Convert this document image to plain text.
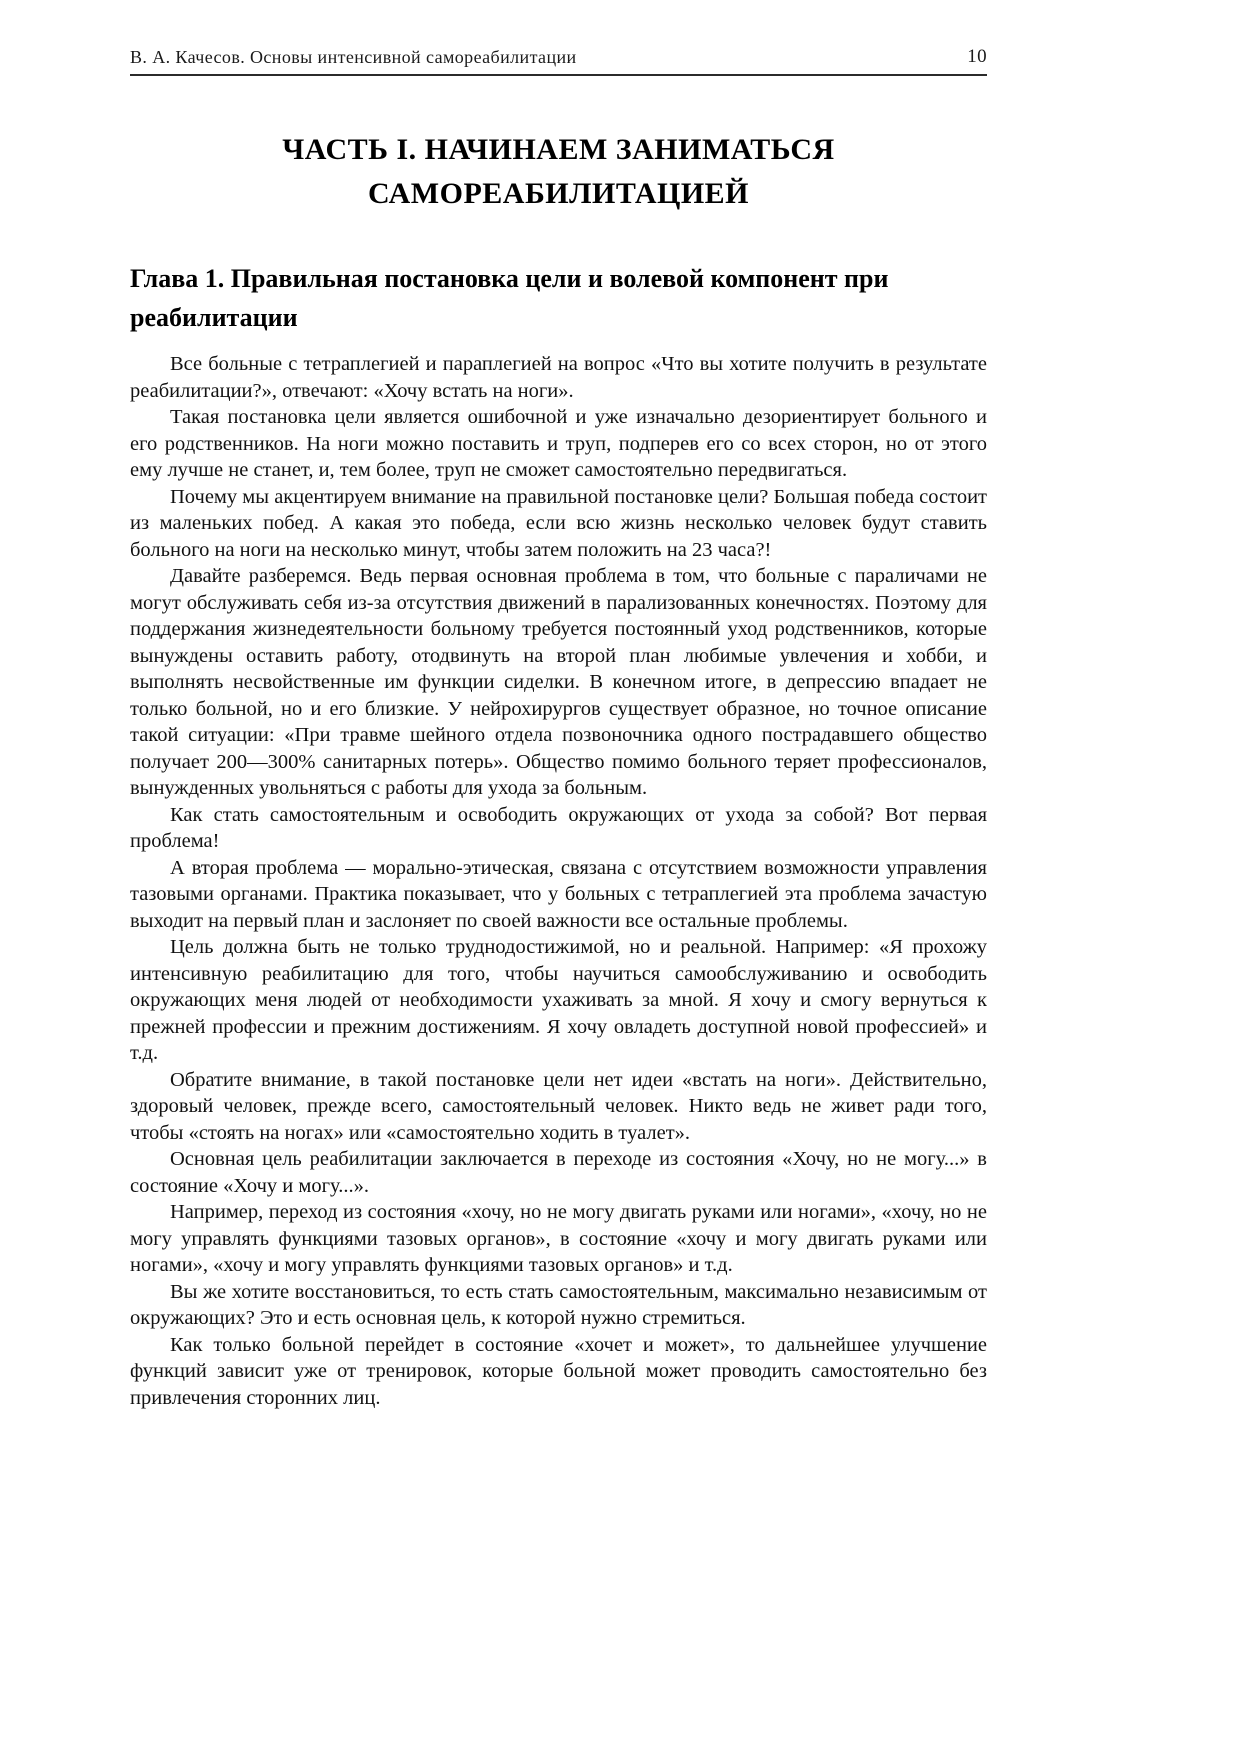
В. А. Качесов. Основы интенсивной самореабилитации	10
ЧАСТЬ I. НАЧИНАЕМ ЗАНИМАТЬСЯ САМОРЕАБИЛИТАЦИЕЙ
Глава 1. Правильная постановка цели и волевой компонент при реабилитации

Все больные с тетраплегией и параплегией на вопрос «Что вы хотите получить в результате реабилитации?», отвечают: «Хочу встать на ноги».

Такая постановка цели является ошибочной и уже изначально дезориентирует больного и его родственников. На ноги можно поставить и труп, подперев его со всех сторон, но от этого ему лучше не станет, и, тем более, труп не сможет самостоятельно передвигаться.

Почему мы акцентируем внимание на правильной постановке цели? Большая победа состоит из маленьких побед. А какая это победа, если всю жизнь несколько человек будут ставить больного на ноги на несколько минут, чтобы затем положить на 23 часа?!

Давайте разберемся. Ведь первая основная проблема в том, что больные с параличами не могут обслуживать себя из-за отсутствия движений в парализованных конечностях. Поэтому для поддержания жизнедеятельности больному требуется постоянный уход родственников, которые вынуждены оставить работу, отодвинуть на второй план любимые увлечения и хобби, и выполнять несвойственные им функции сиделки. В конечном итоге, в депрессию впадает не только больной, но и его близкие. У нейрохирургов существует образное, но точное описание такой ситуации: «При травме шейного отдела позвоночника одного пострадавшего общество получает 200—300% санитарных потерь». Общество помимо больного теряет профессионалов, вынужденных увольняться с работы для ухода за больным.

Как стать самостоятельным и освободить окружающих от ухода за собой? Вот первая проблема!

А вторая проблема — морально-этическая, связана с отсутствием возможности управления тазовыми органами. Практика показывает, что у больных с тетраплегией эта проблема зачастую выходит на первый план и заслоняет по своей важности все остальные проблемы.

Цель должна быть не только труднодостижимой, но и реальной. Например: «Я прохожу интенсивную реабилитацию для того, чтобы научиться самообслуживанию и освободить окружающих меня людей от необходимости ухаживать за мной. Я хочу и смогу вернуться к прежней профессии и прежним достижениям. Я хочу овладеть доступной новой профессией» и т.д.

Обратите внимание, в такой постановке цели нет идеи «встать на ноги». Действительно, здоровый человек, прежде всего, самостоятельный человек. Никто ведь не живет ради того, чтобы «стоять на ногах» или «самостоятельно ходить в туалет».

Основная цель реабилитации заключается в переходе из состояния «Хочу, но не могу...» в состояние «Хочу и могу...».

Например, переход из состояния «хочу, но не могу двигать руками или ногами», «хочу, но не могу управлять функциями тазовых органов», в состояние «хочу и могу двигать руками или ногами», «хочу и могу управлять функциями тазовых органов» и т.д.

Вы же хотите восстановиться, то есть стать самостоятельным, максимально независимым от окружающих? Это и есть основная цель, к которой нужно стремиться.

Как только больной перейдет в состояние «хочет и может», то дальнейшее улучшение функций зависит уже от тренировок, которые больной может проводить самостоятельно без привлечения сторонних лиц.
